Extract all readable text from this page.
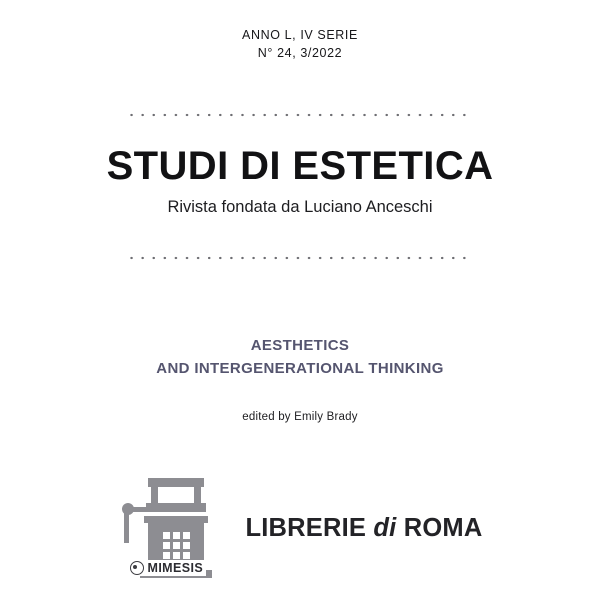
ANNO L, IV SERIE
N° 24, 3/2022
STUDI DI ESTETICA
Rivista fondata da Luciano Anceschi
AESTHETICS
AND INTERGENERATIONAL THINKING
edited by Emily Brady
MIMESIS
LIBRERIE di ROMA
